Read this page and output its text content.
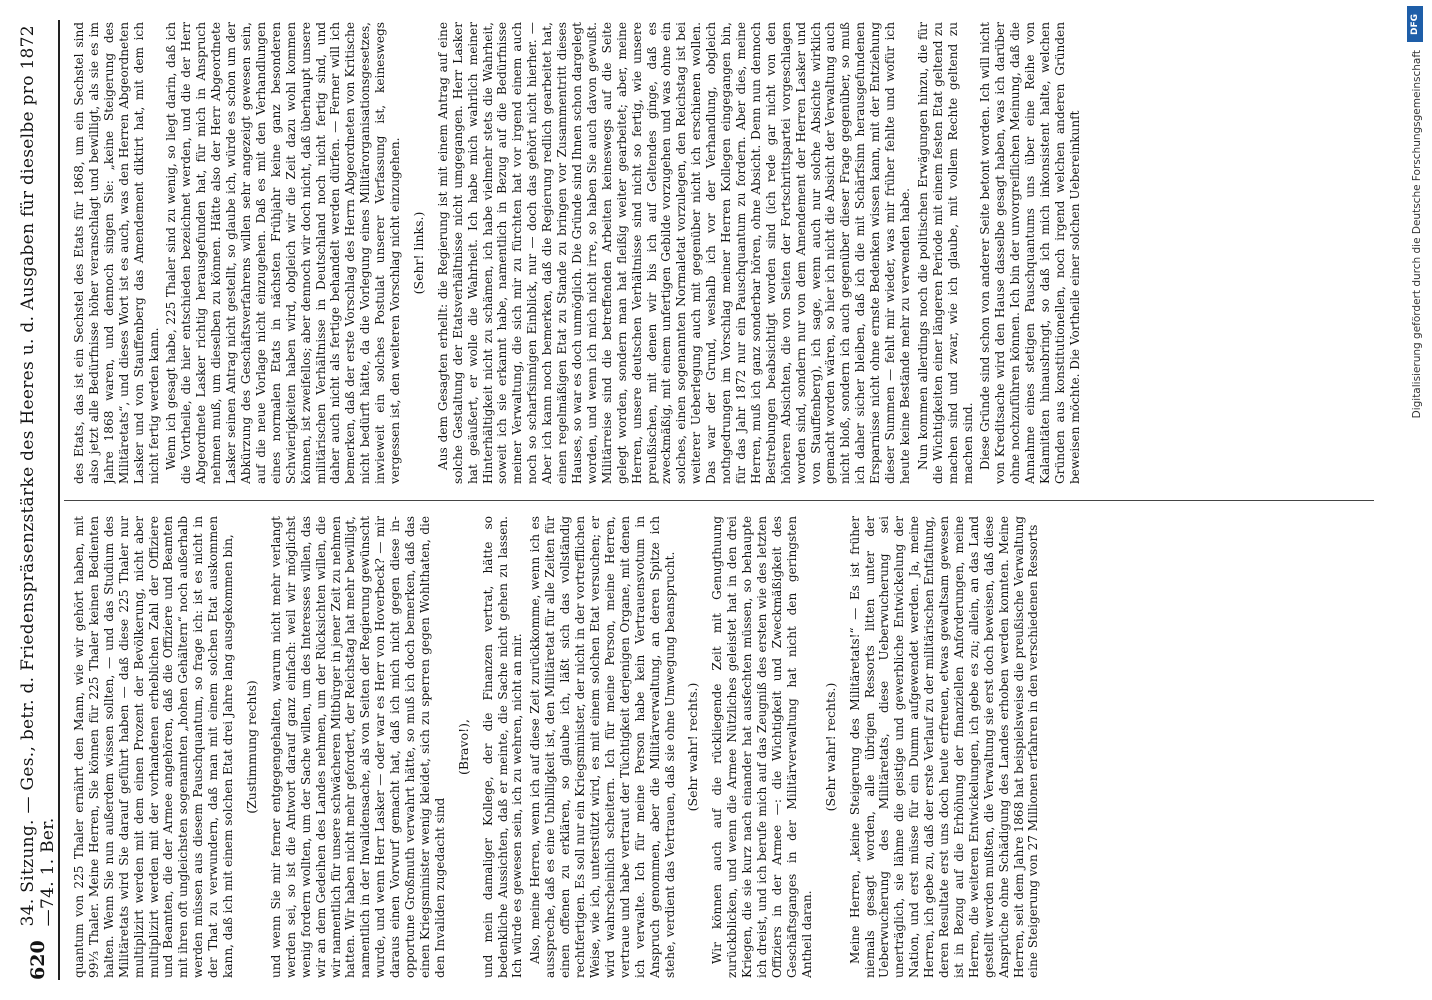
620
34. Sitzung. — Ges., betr. d. Friedenspräsenzstärke des Heeres u. d. Ausgaben für dieselbe pro 1872—74. 1. Ber. quantum von 225 Thaler ernährt den Mann, wie wir gehört haben, mit 99⅓ Thaler. Meine Herren, Sie können für 225 Thaler keinen Bedienten halten. Wenn Sie nun außerdem wissen sollten, — und das Studium des Militäretats wird Sie darauf geführt haben — daß diese 225 Thaler nur multiplizirt werden mit dem einen Prozent der Bevölkerung, nicht aber multiplizirt werden mit der vorhandenen erheblichen Zahl der Offiziere und Beamten, die der Armee angehören, daß die Offiziere und Beamten mit ihren oft ungleichsten sogenannten „hohen Gehältern“ noch außerhalb werden müssen aus diesem Pauschquantum, so frage ich: ist es nicht in der That zu verwundern, daß man mit einem solchen Etat auskommen kann, daß ich mit einem solchen Etat drei Jahre lang ausgekommen bin, (Zustimmung rechts) und wenn Sie mir ferner entgegengehalten, warum nicht mehr verlangt werden sei, so ist die Antwort darauf ganz einfach: weil wir möglichst wenig fordern wollten, um der Sache willen, um des Interesses willen, das wir an dem Gedeihen des Landes nehmen, um der Rücksichten willen, die wir namentlich für unsere schwächeren Mitbürger in jener Zeit zu nehmen hatten. Wir haben nicht mehr gefordert, der Reichstag hat mehr bewilligt, namentlich in der Invalidensache, als von Seiten der Regierung gewünscht wurde, und wenn Herr Lasker — oder war es Herr von Hoverbeck? — mir daraus einen Vorwurf gemacht hat, daß ich mich nicht gegen diese in- opportune Großmuth verwahrt hätte, so muß ich doch bemerken, daß das einen Kriegsminister wenig kleidet, sich zu sperren gegen Wohlthaten, die den Invaliden zugedacht sind

(Bravo!), und mein damaliger Kollege, der die Finanzen vertrat, hätte so bedenkliche Aussichten, daß er meinte, die Sache nicht gehen zu lassen. Ich würde es gewesen sein, ich zu wehren, nicht an mir. Also, meine Herren, wenn ich auf diese Zeit zurückkomme, wenn ich es ausspreche, daß es eine Unbilligkeit ist, den Militäretat für alle Zeiten für einen offenen zu erklären, so glaube ich, läßt sich das vollständig rechtfertigen. Es soll nur ein Kriegsminister, der nicht in der vortrefflichen Weise, wie ich, unterstützt wird, es mit einem solchen Etat versuchen; er wird wahrscheinlich scheitern. Ich für meine Person, meine Herren, vertraue und habe vertraut der Tüchtigkeit derjenigen Organe, mit denen ich verwalte. Ich für meine Person habe kein Vertrauensvotum in Anspruch genommen, aber die Militärverwaltung, an deren Spitze ich stehe, verdient das Vertrauen, daß sie ohne Umwegung beansprucht. (Sehr wahr! rechts.) Wir können auch auf die rückliegende Zeit mit Genugthuung zurückblicken, und wenn die Armee Nützliches geleistet hat in den drei Kriegen, die sie kurz nach einander hat ausfechten müssen, so behaupte ich dreist, und ich berufe mich auf das Zeugniß des ersten wie des letzten Offiziers in der Armee —: die Wichtigkeit und Zweckmäßigkeit des Geschäftsganges in der Militärverwaltung hat nicht den geringsten Antheil daran.

(Sehr wahr! rechts.) Meine Herren, „keine Steigerung des Militäretats!“ — Es ist früher niemals gesagt worden, alle übrigen Ressorts litten unter der Ueberwucherung des Militäretats, diese Ueberwucherung sei unerträglich, sie lähme die geistige und gewerbliche Entwickelung der Nation, und erst müsse für ein Dumm aufgewendet werden. Ja, meine Herren, ich gebe zu, daß der erste Verlauf zu der militärischen Entfaltung, deren Resultate erst uns doch heute erfreuen, etwas gewaltsam gewesen ist in Bezug auf die Erhöhung der finanziellen Anforderungen, meine Herren, die weiteren Entwickelungen, ich gebe es zu; allein, an das Land gestellt werden mußten, die Verwaltung sie erst doch beweisen, daß diese Ansprüche ohne Schädigung des Landes erhoben werden konnten. Meine Herren, seit dem Jahre 1868 hat beispielsweise die preußische Verwaltung eine Steigerung von 27 Millionen erfahren in den verschiedenen Ressorts

des Etats, das ist ein Sechstel des Etats für 1868, um ein Sechstel sind also jetzt alle Bedürfnisse höher veranschlagt und bewilligt, als sie es im Jahre 1868 waren, und dennoch singen Sie: „keine Steigerung des Militäretats“, und dieses Wort ist es auch, was den Herren Abgeordneten Lasker und von Stauffenberg das Amendement diktirt hat, mit dem ich nicht fertig werden kann. Wenn ich gesagt habe, 225 Thaler sind zu wenig, so liegt darin, daß ich die Vortheile, die hier entschieden bezeichnet werden, und die der Herr Abgeordnete Lasker richtig herausgefunden hat, für mich in Anspruch nehmen muß, um dieselben zu können. Hätte also der Herr Abgeordnete Lasker seinen Antrag nicht gestellt, so glaube ich, würde es schon um der Abkürzung des Geschäftsverfahrens willen sehr angezeigt gewesen sein, auf die neue Vorlage nicht einzugehen. Daß es mit den Verhandlungen eines normalen Etats in nächsten Frühjahr keine ganz besonderen Schwierigkeiten haben wird, obgleich wir die Zeit dazu wohl kommen können, ist zweifellos; aber dennoch wir doch nicht, daß überhaupt unsere militärischen Verhältnisse in Deutschland noch nicht fertig sind, und daher auch nicht als fertige behandelt werden dürfen. — Ferner will ich bemerken, daß der erste Vorschlag des Herrn Abgeordneten von Kritische nicht bedürft hätte, da die Vorlegung eines Militärorganisationsgesetzes, inwieweit ein solches Postulat unserer Verfassung ist, keineswegs vergessen ist, den weiteren Vorschlag nicht einzugehen. (Sehr! links.) Aus dem Gesagten erhellt: die Regierung ist mit einem Antrag auf eine solche Gestaltung der Etatsverhältnisse nicht umgegangen. Herr Lasker hat geäußert, er wolle die Wahrheit. Ich habe mich wahrlich meiner Hinterhältigkeit nicht zu schämen, ich habe vielmehr stets die Wahrheit, soweit ich sie erkannt habe, namentlich in Bezug auf die Bedürfnisse meiner Verwaltung, die sich mir zu fürchten hat vor irgend einem auch noch so scharfsinnigen Einblick, nur — doch das gehört nicht hierher. — Aber ich kann noch bemerken, daß die Regierung redlich gearbeitet hat, einen regelmäßigen Etat zu Stande zu bringen vor Zusammentritt dieses Hauses, so war es doch unmöglich. Die Gründe sind Ihnen schon dargelegt worden, und wenn ich mich nicht irre, so haben Sie auch davon gewußt. Militärreise sind die betreffenden Arbeiten keineswegs auf die Seite gelegt worden, sondern man hat fleißig weiter gearbeitet; aber, meine Herren, unsere deutschen Verhältnisse sind nicht so fertig, wie unsere preußischen, mit denen wir bis ich auf Geltendes ginge, daß es zweckmäßig, mit einem unfertigen Gebilde vorzugehen und was ohne ein solches, einen sogenannten Normaletat vorzulegen, den Reichstag ist bei weiterer Ueberlegung auch mit gegenüber nicht ich erschienen wollen. Das war der Grund, weshalb ich vor der Verhandlung, obgleich nothgedrungen im Vorschlag meiner Herren Kollegen eingegangen bin, für das Jahr 1872 nur ein Pauschquantum zu fordern. Aber dies, meine Herren, muß ich ganz sonderbar hören, ohne Absicht. Denn nun dennoch Bestrebungen beabsichtigt worden sind (ich rede gar nicht von den höheren Absichten, die von Seiten der Fortschrittspartei vorgeschlagen worden sind, sondern nur von dem Amendement der Herren Lasker und von Stauffenberg), ich sage, wenn auch nur solche Absichte wirklich gemacht worden wären, so hier ich nicht die Absicht der Verwaltung auch nicht bloß, sondern ich auch gegenüber dieser Frage gegenüber, so muß ich daher sicher bleiben, daß ich die mit Schärfsinn herausgefundenen Ersparnisse nicht ohne ernste Bedenken wissen kann, mit der Entziehung dieser Summen — fehlt mir wieder, was mir früher fehlte und wofür ich heute keine Bestände mehr zu verwenden habe. Nun kommen allerdings noch die politischen Erwägungen hinzu, die für die Wichtigkeiten einer längeren Periode mit einem festen Etat geltend zu machen sind und zwar, wie ich glaube, mit vollem Rechte geltend zu machen sind. Diese Gründe sind schon von anderer Seite betont worden. Ich will nicht von Kreditsache wird den Hause dasselbe gesagt haben, was ich darüber ohne nochzuführen können. Ich bin der unvorgreiflichen Meinung, daß die Annahme eines stetigen Pauschquantums uns über eine Reihe von Kalamitäten hinausbringt, so daß ich mich inkonsistent halte, welchen Gründen aus konstitutionellen, noch irgend welchen anderen Gründen beweisen möchte. Die Vortheile einer solchen Uebereinkunft

DFG
Digitalisierung gefördert durch die Deutsche Forschungsgemeinschaft
